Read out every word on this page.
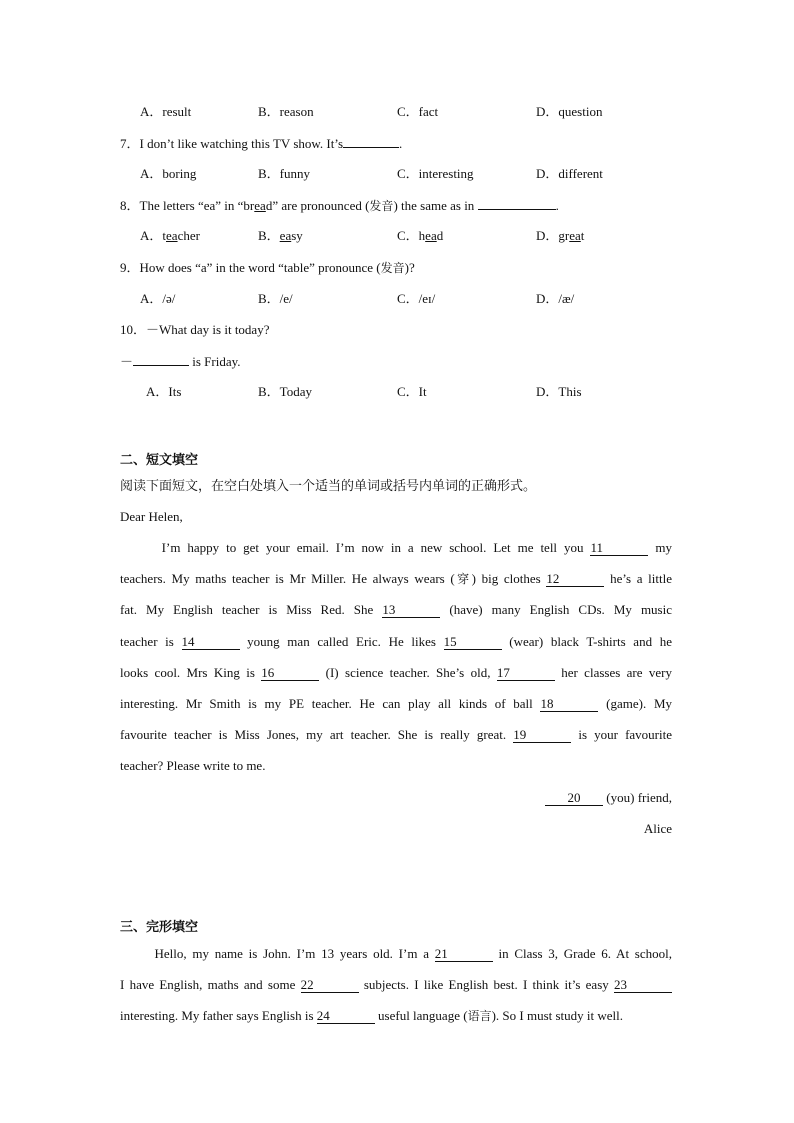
A．result	B．reason	C．fact	D．question
7．I don’t like watching this TV show. It’s	.
A．boring	B．funny	C．interesting	D．different
8．The letters “ea” in “bread” are pronounced (发音) the same as in	.
A．teacher	B．easy	C．head	D．great
9．How does “a” in the word “table” pronounce (发音)?
A．/ə/	B．/e/	C．/eɪ/	D．/æ/
10．－What day is it today?
－	is Friday.
A．Its	B．Today	C．It	D．This
二、短文填空
阅读下面短文，在空白处填入一个适当的单词或括号内单词的正确形式。
Dear Helen,
I’m happy to get your email. I’m now in a new school. Let me tell you 11	my
teachers. My maths teacher is Mr Miller. He always wears (穿) big clothes 12	he’s a little
fat. My English teacher is Miss Red. She 13	(have) many English CDs. My music
teacher is 14	young man called Eric. He likes 15	(wear) black T-shirts and he
looks cool. Mrs King is 16	(I) science teacher. She’s old, 17	her classes are very
interesting. Mr Smith is my PE teacher. He can play all kinds of ball 18	(game). My
favourite teacher is Miss Jones, my art teacher. She is really great. 19	is your favourite
teacher? Please write to me.
20 (you) friend,
Alice
三、完形填空
Hello, my name is John. I’m 13 years old. I’m a 21	in Class 3, Grade 6. At school,
I have English, maths and some 22	subjects. I like English best. I think it’s easy 23
interesting. My father says English is 24	useful language (语言). So I must study it well.
